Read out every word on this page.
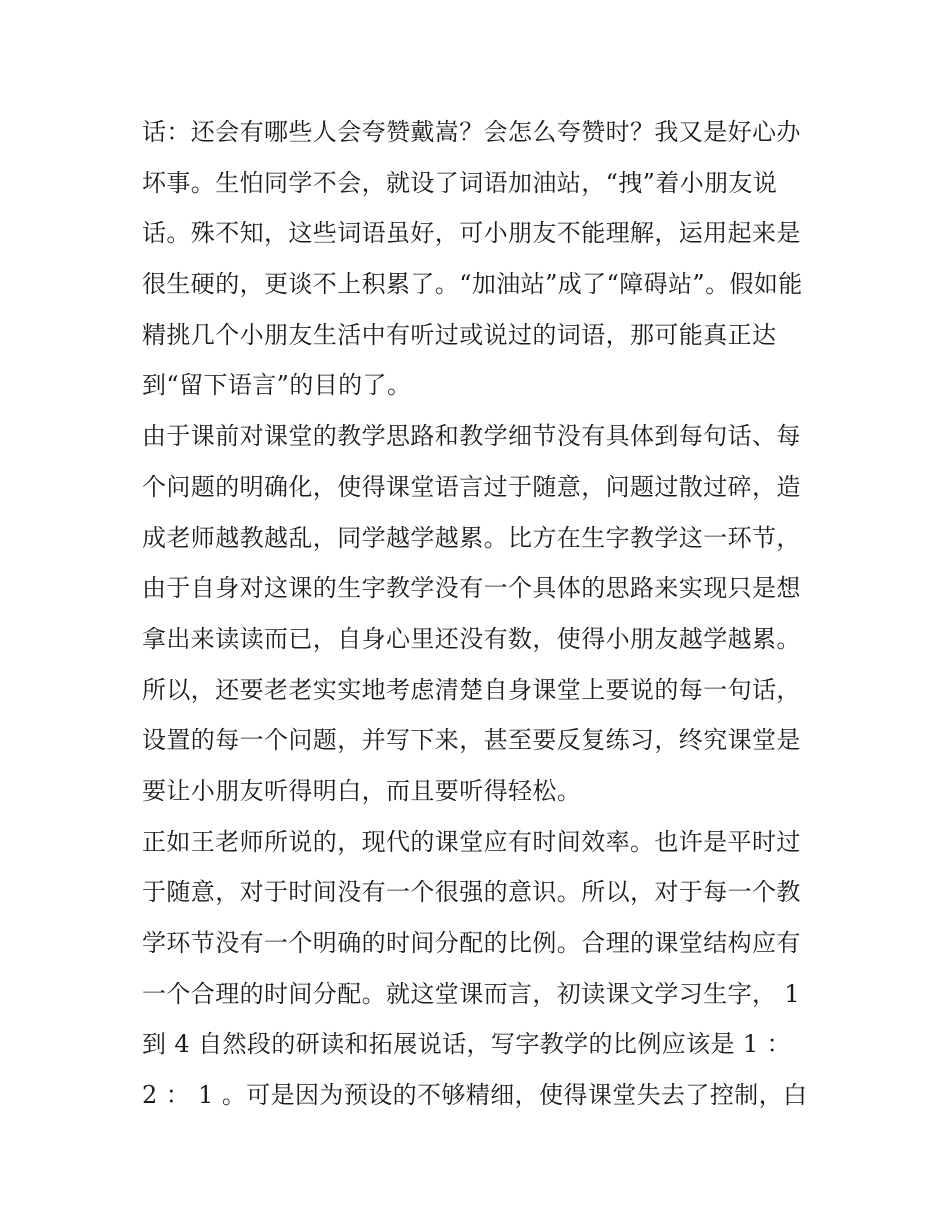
话：还会有哪些人会夸赞戴嵩？会怎么夸赞时？我又是好心办
坏事。生怕同学不会，就设了词语加油站，“拽”着小朋友说
话。殊不知，这些词语虽好，可小朋友不能理解，运用起来是
很生硬的，更谈不上积累了。“加油站”成了“障碍站”。假如能
精挑几个小朋友生活中有听过或说过的词语，那可能真正达
到“留下语言”的目的了。
由于课前对课堂的教学思路和教学细节没有具体到每句话、每
个问题的明确化，使得课堂语言过于随意，问题过散过碎，造
成老师越教越乱，同学越学越累。比方在生字教学这一环节，
由于自身对这课的生字教学没有一个具体的思路来实现只是想
拿出来读读而已，自身心里还没有数，使得小朋友越学越累。
所以，还要老老实实地考虑清楚自身课堂上要说的每一句话，
设置的每一个问题，并写下来，甚至要反复练习，终究课堂是
要让小朋友听得明白，而且要听得轻松。
正如王老师所说的，现代的课堂应有时间效率。也许是平时过
于随意，对于时间没有一个很强的意识。所以，对于每一个教
学环节没有一个明确的时间分配的比例。合理的课堂结构应有
一个合理的时间分配。就这堂课而言，初读课文学习生字， 1
到 4 自然段的研读和拓展说话，写字教学的比例应该是 1 ：
2 ： 1 。可是因为预设的不够精细，使得课堂失去了控制，白
